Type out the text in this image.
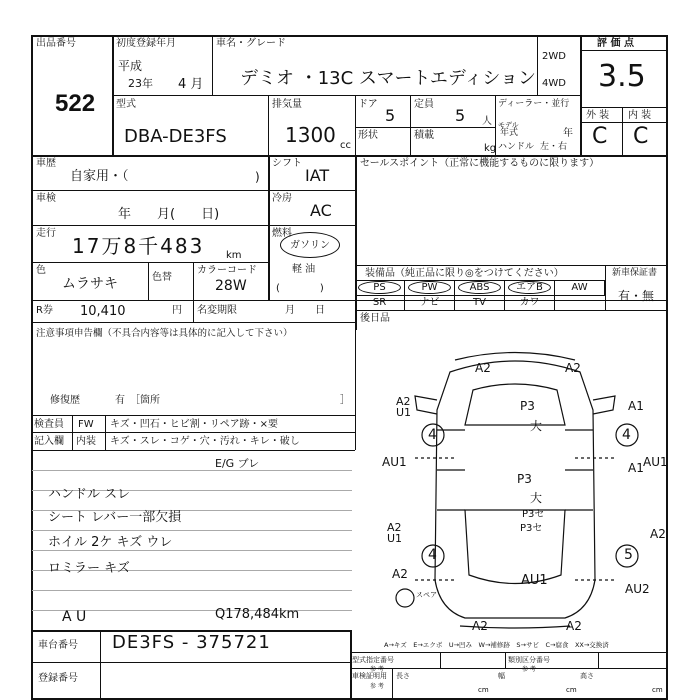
出品番号
522
初度登録年月
平成
23年 4 月
車名・グレード
デミオ ・13C スマートエディション
2WD
4WD
評 価 点
3.5
型式
DBA-DE3FS
排気量
1300 cc
ドア
5
定員
5 人
形状	積載
kg
ディーラー・並行
モデル
年式	年
ハンドル 左・右
外 装 内 装
C C
車歴
自家用・（	)
車検
年　　月(　　日)
走行
17万8千483 km
色
ムラサキ	色替
カラーコード
28W
シフト
IAT
冷房
AC
燃料
ガソリン
軽 油
(　　　　)
R券 10,410	円 名変期限	月　　日
注意事項申告欄（不具合内容等は具体的に記入して下さい）
修復歴	有　［箇所	］
検査員
記入欄
FW キズ・凹石・ヒビ割・リペア跡・×要
内装 キズ・スレ・コゲ・穴・汚れ・キレ・破し
E/G ブレ
ハンドル スレ
シート レバー一部欠損
ホイル 2ケ キズ ウレ
ロミラー キズ
A U	Q178,484km
セールスポイント（正常に機能するものに限ります）
装備品（純正品に限り◎をつけてください）	新車保証書
有・無
PS	PW	ABS	エアB	AW
SR	ナビ	TV	カワ
後日品
A2	A2
A1
A1
A2 U1
4	4
AU1	AU1
P3
P3
大
P3セ
大
P3セ
A2 U1	A2
5
4
AU1
AU2
A2
A2	A2
スペア
A→キズ　E→エクボ　U→凹み　W→補修跡　S→サビ　C→腐食　XX→交換済
車台番号 DE3FS - 375721
登録番号
型式指定番号
参 考
類別区分番号
参 考
車検証明用
参 考
長さ
cm
幅
cm
高さ
cm
